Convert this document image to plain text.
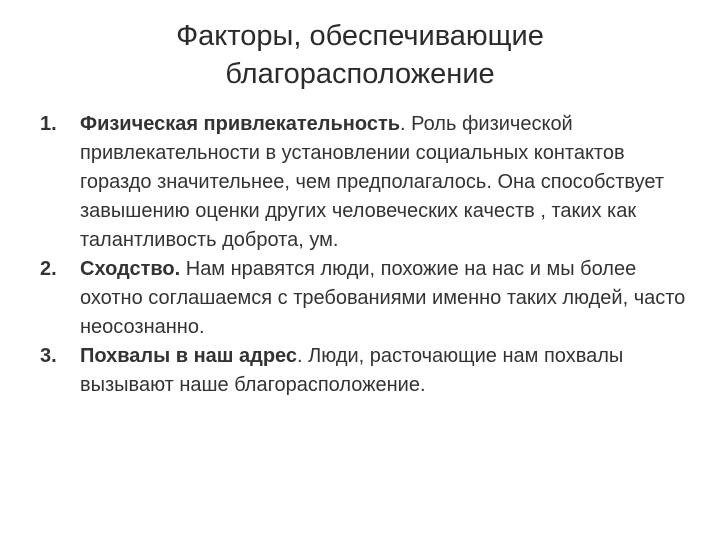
Факторы, обеспечивающие
благорасположение
1. Физическая привлекательность. Роль физической привлекательности в установлении социальных контактов гораздо значительнее, чем предполагалось. Она способствует завышению оценки других человеческих качеств , таких как талантливость доброта, ум.
2. Сходство. Нам нравятся люди, похожие на нас и мы более охотно соглашаемся с требованиями именно таких людей, часто неосознанно.
3. Похвалы в наш адрес. Люди, расточающие нам похвалы вызывают наше благорасположение.
